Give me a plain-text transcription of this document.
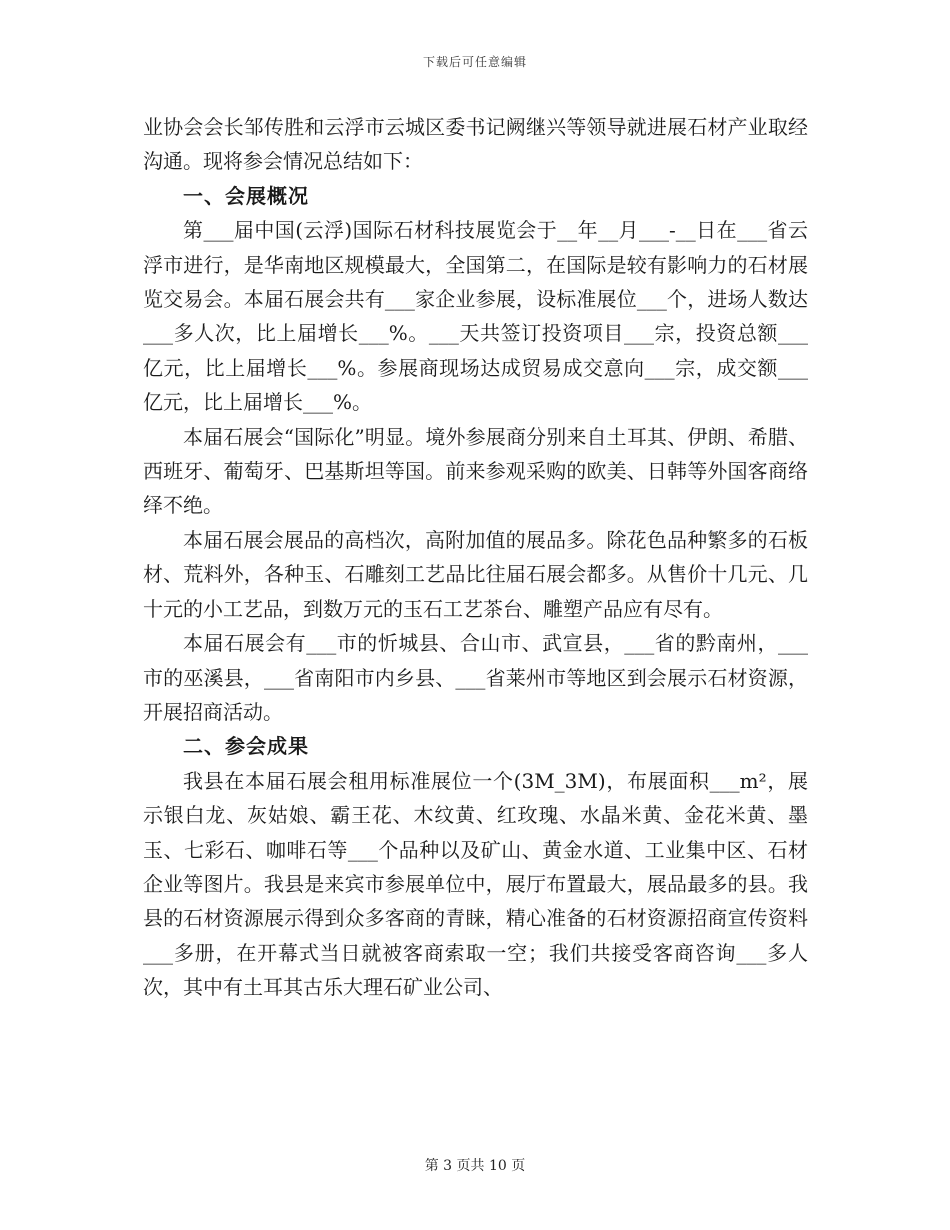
下载后可任意编辑

业协会会长邹传胜和云浮市云城区委书记阙继兴等领导就进展石材产业取经沟通。现将参会情况总结如下：

一、会展概况

第___届中国(云浮)国际石材科技展览会于__年__月___-__日在___省云浮市进行，是华南地区规模最大，全国第二，在国际是较有影响力的石材展览交易会。本届石展会共有___家企业参展，设标准展位___个，进场人数达___多人次，比上届增长___%。___天共签订投资项目___宗，投资总额___亿元，比上届增长___%。参展商现场达成贸易成交意向___宗，成交额___亿元，比上届增长___%。

本届石展会“国际化”明显。境外参展商分别来自土耳其、伊朗、希腊、西班牙、葡萄牙、巴基斯坦等国。前来参观采购的欧美、日韩等外国客商络绎不绝。

本届石展会展品的高档次，高附加值的展品多。除花色品种繁多的石板材、荒料外，各种玉、石雕刻工艺品比往届石展会都多。从售价十几元、几十元的小工艺品，到数万元的玉石工艺茶台、雕塑产品应有尽有。

本届石展会有___市的忻城县、合山市、武宣县，___省的黔南州，___市的巫溪县，___省南阳市内乡县、___省莱州市等地区到会展示石材资源，开展招商活动。

二、参会成果

我县在本届石展会租用标准展位一个(3M_3M)，布展面积___m²，展示银白龙、灰姑娘、霸王花、木纹黄、红玫瑰、水晶米黄、金花米黄、墨玉、七彩石、咖啡石等___个品种以及矿山、黄金水道、工业集中区、石材企业等图片。我县是来宾市参展单位中，展厅布置最大，展品最多的县。我县的石材资源展示得到众多客商的青睐，精心准备的石材资源招商宣传资料___多册，在开幕式当日就被客商索取一空；我们共接受客商咨询___多人次，其中有土耳其古乐大理石矿业公司、

第 3 页共 10 页
